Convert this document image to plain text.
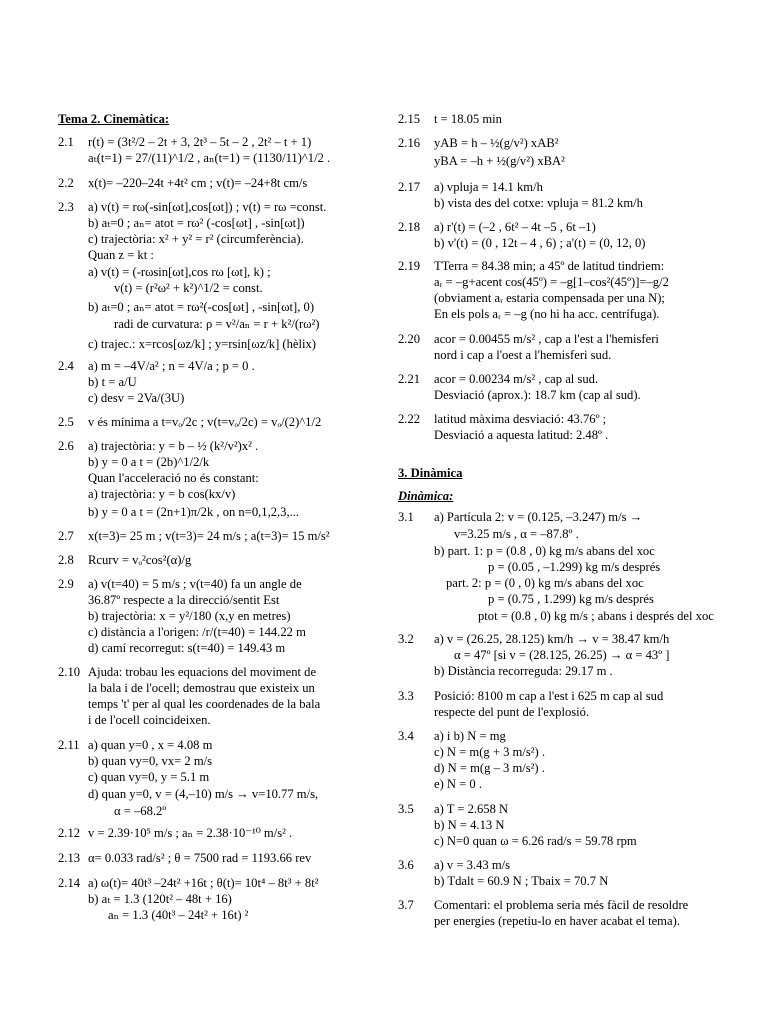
Tema 2. Cinemàtica:
2.1
2.2
2.3
2.4
2.5
2.6
2.7
2.8
2.9
2.10
2.11
2.12
2.13
2.14
r(t) = (3t²/2 – 2t + 3, 2t³ – 5t – 2 , 2t² – t + 1)
aₜ(t=1) = 27/(11)^1/2 , aₙ(t=1) = (1130/11)^1/2 .
x(t)= –220–24t +4t² cm ; v(t)= –24+8t cm/s
a) v(t) = rω(-sin[ωt],cos[ωt]) ; v(t) = rω =const.
b) aₜ=0 ; aₙ= atot = rω² (-cos[ωt] , -sin[ωt])
c) trajectòria: x² + y² = r² (circumferència).
Quan z = kt :
a) v(t) = (-rωsin[ωt],cos rω [ωt], k) ;
v(t) = (r²ω² + k²)^1/2 = const.
b) aₜ=0 ; aₙ= atot = rω²(-cos[ωt] , -sin[ωt], 0)
radi de curvatura: ρ = v²/aₙ = r + k²/(rω²)
c) trajec.: x=rcos[ωz/k] ; y=rsin[ωz/k] (hèlix)
a) m = –4V/a² ; n = 4V/a ; p = 0 .
b) t = a/U
c) desv = 2Va/(3U)
v és mínima a t=vₒ/2c ; v(t=vₒ/2c) = vₒ/(2)^1/2
a) trajectòria: y = b – ½ (k²/v²)x² .
b) y = 0 a t = (2b)^1/2/k
Quan l'acceleració no és constant:
a) trajectòria: y = b cos(kx/v)
b) y = 0 a t = (2n+1)π/2k , on n=0,1,2,3,...
x(t=3)= 25 m ; v(t=3)= 24 m/s ; a(t=3)= 15 m/s²
Rcurv = vₒ²cos²(α)/g
a) v(t=40) = 5 m/s ; v(t=40) fa un angle de
36.87º respecte a la direcció/sentit Est
b) trajectòria: x = y²/180 (x,y en metres)
c) distància a l'origen: /r/(t=40) = 144.22 m
d) camí recorregut: s(t=40) = 149.43 m
Ajuda: trobau les equacions del moviment de
la bala i de l'ocell; demostrau que existeix un
temps 't' per al qual les coordenades de la bala
i de l'ocell coincideixen.
a) quan y=0 , x = 4.08 m
b) quan vy=0, vx= 2 m/s
c) quan vy=0, y = 5.1 m
d) quan y=0, v = (4,–10) m/s → v=10.77 m/s,
α = –68.2º
v = 2.39·10⁵ m/s ; aₙ = 2.38·10⁻¹⁰ m/s² .
α= 0.033 rad/s² ; θ = 7500 rad = 1193.66 rev
a) ω(t)= 40t³ –24t² +16t ; θ(t)= 10t⁴ – 8t³ + 8t²
b) aₜ = 1.3 (120t² – 48t + 16)
aₙ = 1.3 (40t³ – 24t² + 16t) ²
3. Dinàmica
Dinàmica:
2.15
2.16
2.17
2.18
2.19
2.20
2.21
2.22
3.1
3.2
3.3
3.4
3.5
3.6
3.7
t = 18.05 min
yAB = h – ½(g/v²) xAB²
yBA = –h + ½(g/v²) xBA²
a) vpluja = 14.1 km/h
b) vista des del cotxe: vpluja = 81.2 km/h
a) r'(t) = (–2 , 6t² – 4t –5 , 6t –1)
b) v'(t) = (0 , 12t – 4 , 6) ; a'(t) = (0, 12, 0)
TTerra = 84.38 min; a 45º de latitud tindriem:
aᵣ = –g+acent cos(45º) = –g[1–cos²(45º)]=–g/2
(obviament aᵣ estaria compensada per una N);
En els pols aᵣ = –g (no hi ha acc. centrífuga).
acor = 0.00455 m/s² , cap a l'est a l'hemisferi
nord i cap a l'oest a l'hemisferi sud.
acor = 0.00234 m/s² , cap al sud.
Desviació (aprox.): 18.7 km (cap al sud).
latitud màxima desviació: 43.76º ;
Desviació a aquesta latitud: 2.48º .
a) Partícula 2: v = (0.125, –3.247) m/s →
v=3.25 m/s , α = –87.8º .
b) part. 1: p = (0.8 , 0) kg m/s abans del xoc
p = (0.05 , –1.299) kg m/s després
part. 2: p = (0 , 0) kg m/s abans del xoc
p = (0.75 , 1.299) kg m/s després
ptot = (0.8 , 0) kg m/s ; abans i després del xoc
a) v = (26.25, 28.125) km/h → v = 38.47 km/h
α = 47º [si v = (28.125, 26.25) → α = 43º ]
b) Distància recorreguda: 29.17 m .
Posició: 8100 m cap a l'est i 625 m cap al sud
respecte del punt de l'explosió.
a) i b) N = mg
c) N = m(g + 3 m/s²) .
d) N = m(g – 3 m/s²) .
e) N = 0 .
a) T = 2.658 N
b) N = 4.13 N
c) N=0 quan ω = 6.26 rad/s = 59.78 rpm
a) v = 3.43 m/s
b) Tdalt = 60.9 N ; Tbaix = 70.7 N
Comentari: el problema seria més fàcil de resoldre
per energies (repetiu-lo en haver acabat el tema).
